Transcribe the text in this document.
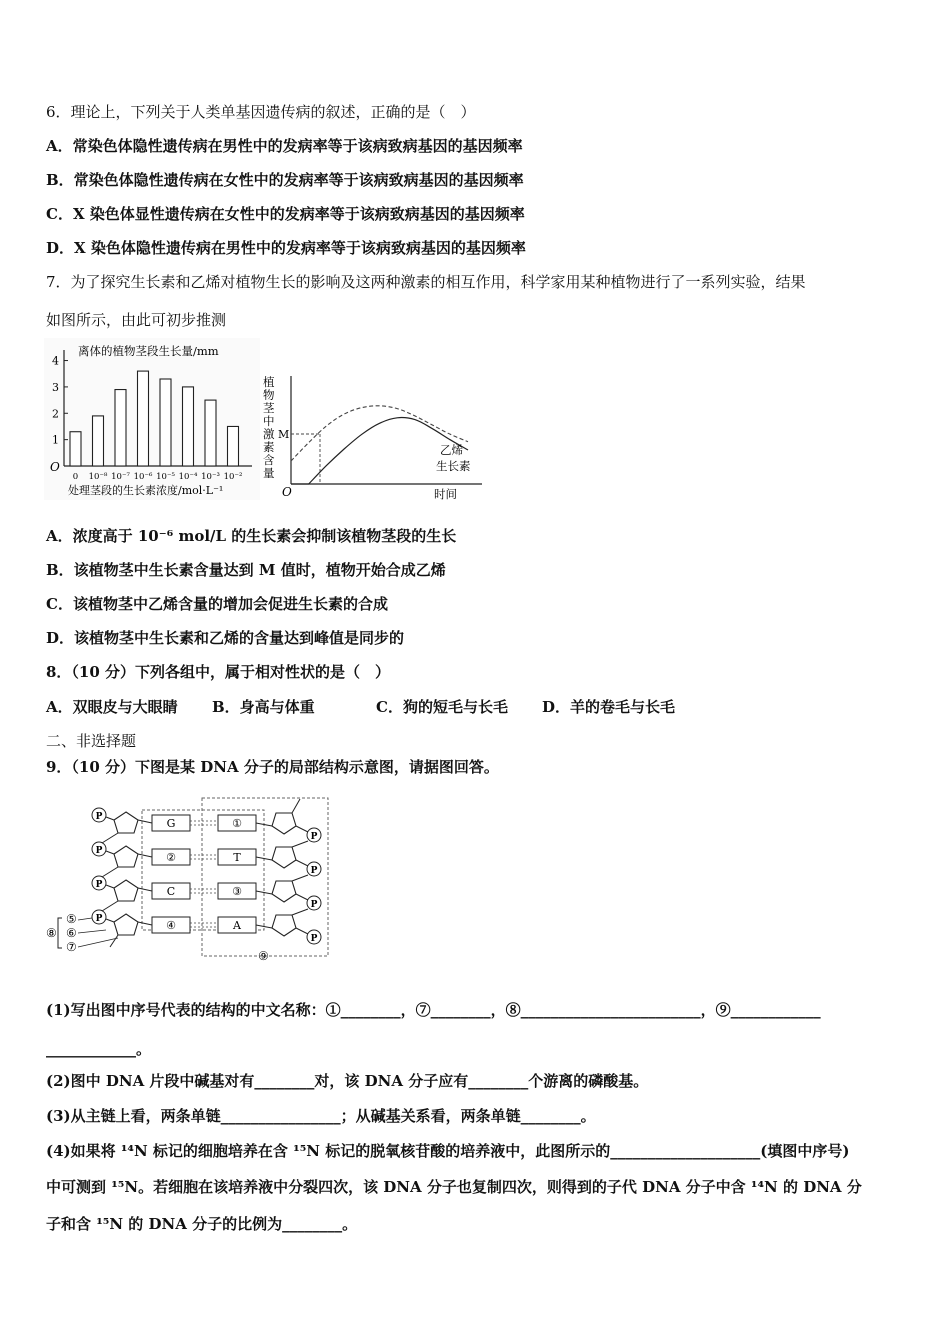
6．理论上，下列关于人类单基因遗传病的叙述，正确的是（　）
A．常染色体隐性遗传病在男性中的发病率等于该病致病基因的基因频率
B．常染色体隐性遗传病在女性中的发病率等于该病致病基因的基因频率
C．X 染色体显性遗传病在女性中的发病率等于该病致病基因的基因频率
D．X 染色体隐性遗传病在男性中的发病率等于该病致病基因的基因频率
7．为了探究生长素和乙烯对植物生长的影响及这两种激素的相互作用，科学家用某种植物进行了一系列实验，结果
如图所示，由此可初步推测
离体的植物茎段生长量/mm
O
1
2
3
4
0 10⁻⁸ 10⁻⁷ 10⁻⁶ 10⁻⁵ 10⁻⁴ 10⁻³ 10⁻²
处理茎段的生长素浓度/mol·L⁻¹
植物茎中激素含量
O
M
乙烯
生长素
时间
A．浓度高于 10⁻⁶ mol/L 的生长素会抑制该植物茎段的生长
B．该植物茎中生长素含量达到 M 值时，植物开始合成乙烯
C．该植物茎中乙烯含量的增加会促进生长素的合成
D．该植物茎中生长素和乙烯的含量达到峰值是同步的
8．（10 分）下列各组中，属于相对性状的是（　）
A．双眼皮与大眼睛 B．身高与体重	C．狗的短毛与长毛 D．羊的卷毛与长毛
二、非选择题
9．（10 分）下图是某 DNA 分子的局部结构示意图，请据图回答。
P	G	①
P
P	②	T
P
P	C	③
P
P	④	A
P
⑤
⑥
⑦
⑧
⑨
(1)写出图中序号代表的结构的中文名称：①________，⑦________，⑧________________________，⑨____________
____________。
(2)图中 DNA 片段中碱基对有________对，该 DNA 分子应有________个游离的磷酸基。
(3)从主链上看，两条单链________________；从碱基关系看，两条单链________。
(4)如果将 ¹⁴N 标记的细胞培养在含 ¹⁵N 标记的脱氧核苷酸的培养液中，此图所示的____________________(填图中序号)
中可测到 ¹⁵N。若细胞在该培养液中分裂四次，该 DNA 分子也复制四次，则得到的子代 DNA 分子中含 ¹⁴N 的 DNA 分
子和含 ¹⁵N 的 DNA 分子的比例为________。
